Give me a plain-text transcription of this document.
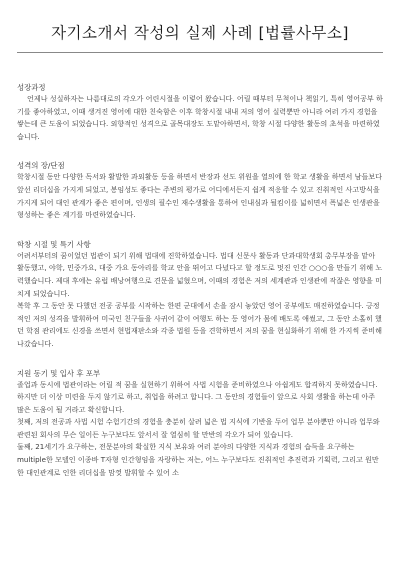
자기소개서 작성의 실제 사례 [법률사무소]
성장과정

언제나 성실하자는 나름대로의 각오가 어린시절을 이렇어 왔습니다. 어릴 때부터 무척이나 책읽기, 특히 영어공부 하기를 좋아하였고, 이때 생겨진 영어에 대한 친숙함은 이후 학창시절 내내 저의 영어 실력뿐만 아니라 여러 가지 경험을 쌓는데 큰 도움이 되었습니다. 외향적인 성격으로 골목대장도 도맡아하면서, 학창 시절 다양한 활동의 초석을 마련하였습니다.

성격의 장/단점

학창시절 동안 다양한 독서와 활발한 과외활동 등을 하면서 반장과 선도 위원을 열의에 한 학교 생활을 하면서 남들보다 앞선 리더십을 가지게 되었고, 봉임성도 좋다는 주변의 평가로 어디에서든지 쉽게 적응할 수 있고 진취적인 사고방식을 가지게 되어 대인 관계가 좋은 편이며, 인생의 필수인 재수생활을 통하여 인내심과 될킴이를 넓히면서 폭넓은 인생관을 형성하는 좋은 계기를 마련하였습니다.

학창 시절 및 특기 사항

어려서부터의 꿈이었던 법관이 되기 위해 법대에 진학하였습니다. 법대 신문사 활동과 단과대학생회 총무부장을 맡아 활동했고, 야학, 민중가요, 대중 가요 동아리를 학교 안을 뛰어고 다녔다고 할 정도로 멋진 인간 ○○○을 만들기 위해 노력했습니다. 제대 후에는 유럽 배낭여행으로 견문을 넓혔으며, 이때의 경험은 저의 세계관과 인생관에 작잖은 영향을 미치게 되었습니다.

복학 후 그 동안 못 다했던 전공 공부를 시작하는 한편 군대에서 손을 잠시 놓았던 영어 공부에도 매진하였습니다. 긍정적인 저의 성격을 발휘하여 미국인 친구들을 사귀어 같이 여행도 하는 등 영어가 몸에 배도록 애썼고, 그 동안 소홀히 했던 학점 관리에도 신경을 쓰면서 현법재판소와 각종 법원 등을 견학하면서 저의 꿈을 현실화하기 위해 한 가지씩 준비해 나갔습니다.

지원 동기 및 입사 후 포부

졸업과 동시에 법관이라는 어릴 적 꿈을 실현하기 위하여 사법 시험을 준비하였으나 아쉽게도 합격하지 못하였습니다. 하지만 더 이상 미련을 두지 않기로 하고, 취업을 하려고 합니다. 그 동안의 경험들이 앞으로 사회 생활을 하는데 아주 많은 도움이 될 거라고 확신합니다.

첫째, 저의 전공과 사법 시험 수험기간의 경험을 충분히 살려 넓은 법 지식에 기반을 두어 업무 분야뿐만 아니라 업무와 관련된 회사의 무슨 일이든 누구보다도 앞서서 잘 열심히 할 만반의 각오가 되어 있습니다.

둘째, 21세기가 요구하는, 전문분야의 확실한 지식 보유와 여러 분야의 다양한 지식과 경험의 습득을 요구하는 multiple한 모델인 이종바 T자형 인간형임을 자랑하는 저는, 어느 누구보다도 진취적인 추진력과 기획력, 그리고 원만한 대인관계로 인한 리더십을 맘껏 발휘할 수 있어 소
